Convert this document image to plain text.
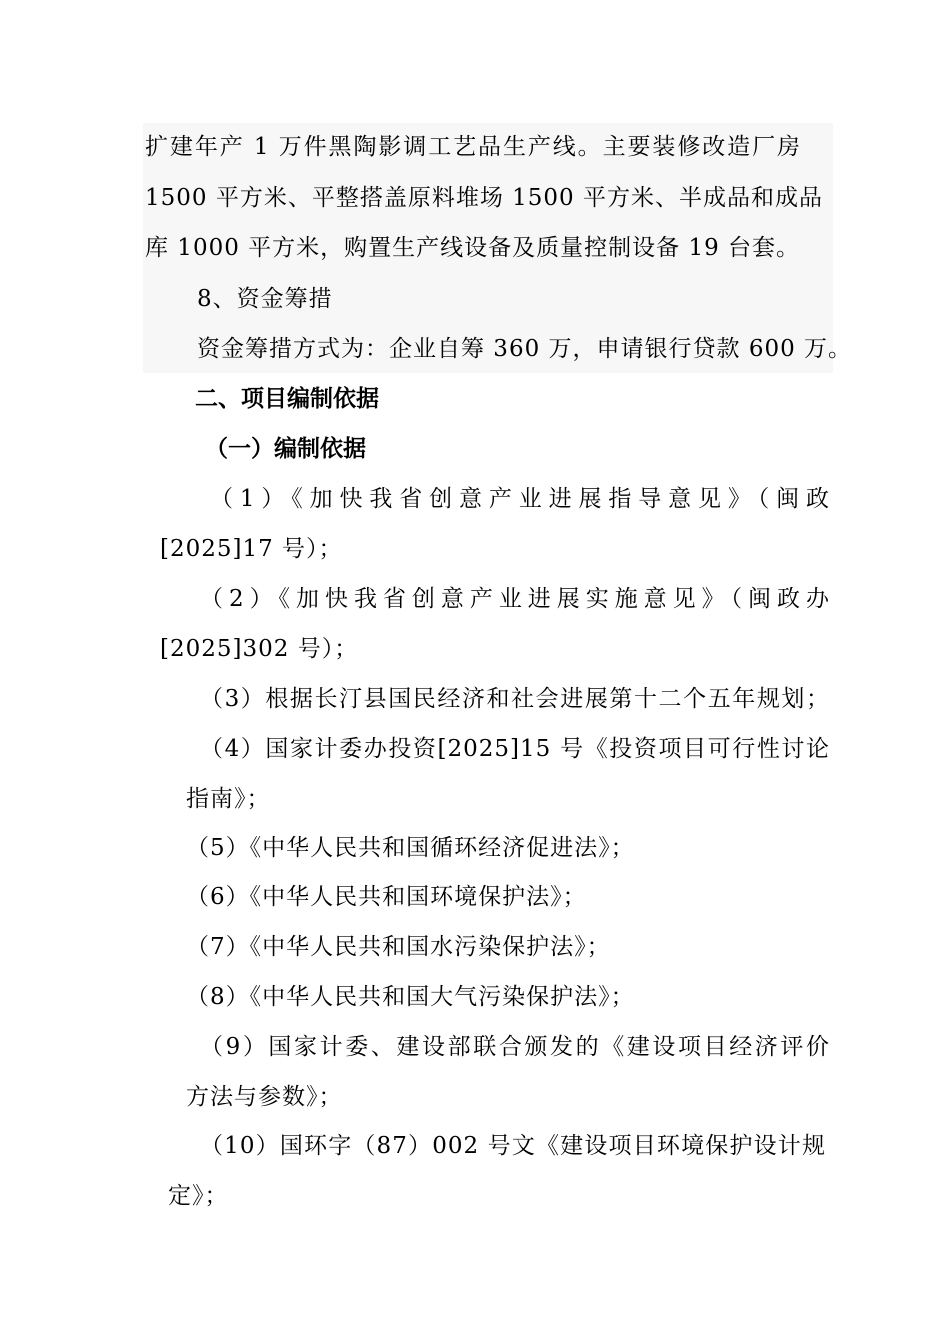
扩建年产 1 万件黑陶影调工艺品生产线。主要装修改造厂房
1500 平方米、平整搭盖原料堆场 1500 平方米、半成品和成品
库 1000 平方米，购置生产线设备及质量控制设备 19 台套。
8、资金筹措
资金筹措方式为：企业自筹 360 万，申请银行贷款 600 万。
二、项目编制依据
（一）编制依据
（1）《加快我省创意产业进展指导意见》（闽政
[2025]17 号）；
（2）《加快我省创意产业进展实施意见》（闽政办
[2025]302 号）；
（3）根据长汀县国民经济和社会进展第十二个五年规划；
（4）国家计委办投资[2025]15 号《投资项目可行性讨论
指南》；
（5）《中华人民共和国循环经济促进法》；
（6）《中华人民共和国环境保护法》；
（7）《中华人民共和国水污染保护法》；
（8）《中华人民共和国大气污染保护法》；
（9）国家计委、建设部联合颁发的《建设项目经济评价
方法与参数》；
（10）国环字（87）002 号文《建设项目环境保护设计规
定》；
